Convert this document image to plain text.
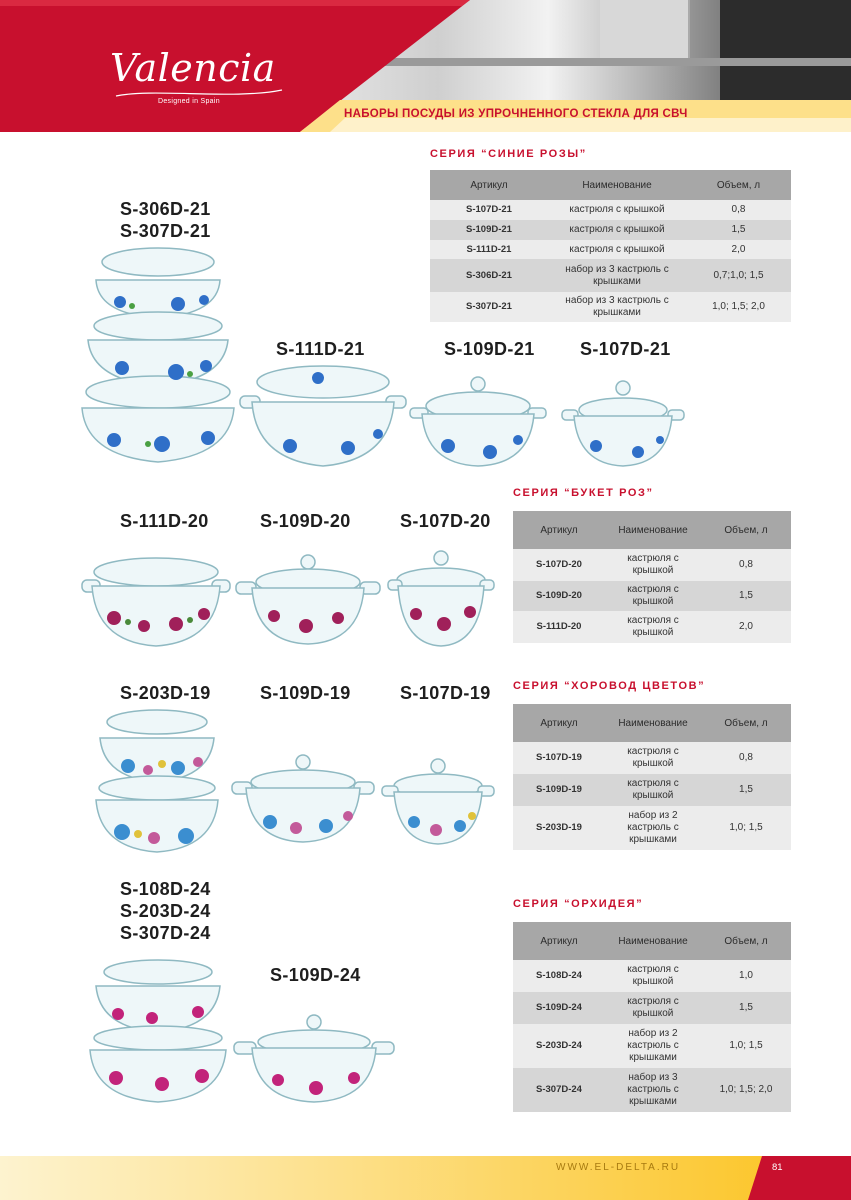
Valencia
Designed in Spain
НАБОРЫ ПОСУДЫ ИЗ УПРОЧНЕННОГО СТЕКЛА ДЛЯ СВЧ
СЕРИЯ “СИНИЕ РОЗЫ”
Артикул	Наименование	Объем, л
S-107D-21	кастрюля с крышкой	0,8
S-109D-21	кастрюля с крышкой	1,5
S-111D-21	кастрюля с крышкой	2,0
S-306D-21	набор из 3 кастрюль с крышками	0,7;1,0; 1,5
S-307D-21	набор из 3 кастрюль с крышками	1,0; 1,5; 2,0
S-306D-21
S-307D-21
S-111D-21	S-109D-21	S-107D-21
СЕРИЯ “БУКЕТ РОЗ”
Артикул	Наименование	Объем, л
S-107D-20	кастрюля с крышкой	0,8
S-109D-20	кастрюля с крышкой	1,5
S-111D-20	кастрюля с крышкой	2,0
S-111D-20	S-109D-20	S-107D-20
СЕРИЯ “ХОРОВОД ЦВЕТОВ”
Артикул	Наименование	Объем, л
S-107D-19	кастрюля с крышкой	0,8
S-109D-19	кастрюля с крышкой	1,5
S-203D-19	набор из 2 кастрюль с крышками	1,0; 1,5
S-203D-19	S-109D-19	S-107D-19
СЕРИЯ “ОРХИДЕЯ”
Артикул	Наименование	Объем, л
S-108D-24	кастрюля с крышкой	1,0
S-109D-24	кастрюля с крышкой	1,5
S-203D-24	набор из 2 кастрюль с крышками	1,0; 1,5
S-307D-24	набор из 3 кастрюль с крышками	1,0; 1,5; 2,0
S-108D-24
S-203D-24
S-307D-24
S-109D-24
WWW.EL-DELTA.RU	81
